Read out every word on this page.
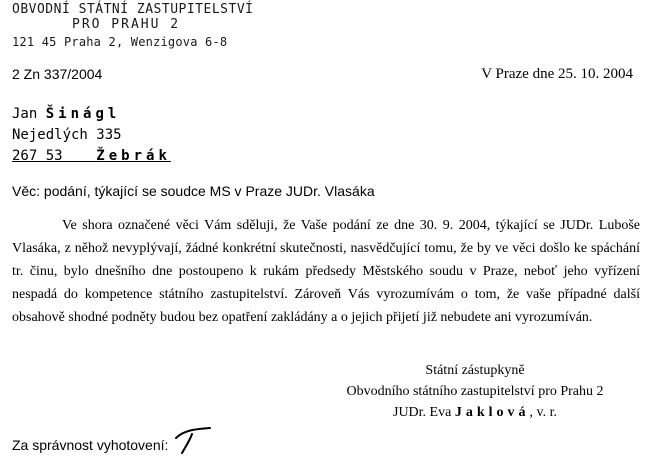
OBVODNÍ STÁTNÍ ZASTUPITELSTVÍ
PRO PRAHU 2
121 45 Praha 2, Wenzigova 6-8
2 Zn 337/2004	V Praze dne 25. 10. 2004
Jan Šinágl
Nejedlých 335
267 53 Žebrák
Věc: podání, týkající se soudce MS v Praze JUDr. Vlasáka

Ve shora označené věci Vám sděluji, že Vaše podání ze dne 30. 9. 2004, týkající se JUDr. Luboše Vlasáka, z něhož nevyplývají, žádné konkrétní skutečnosti, nasvědčující tomu, že by ve věci došlo ke spáchání tr. činu, bylo dnešního dne postoupeno k rukám předsedy Městského soudu v Praze, neboť jeho vyřízení nespadá do kompetence státního zastupitelství. Zároveň Vás vyrozumívám o tom, že vaše případné další obsahově shodné podněty budou bez opatření zakládány a o jejich přijetí již nebudete ani vyrozumíván.

Státní zástupkyně
Obvodního státního zastupitelství pro Prahu 2
JUDr. Eva Jaklová, v. r.
Za správnost vyhotovení:
